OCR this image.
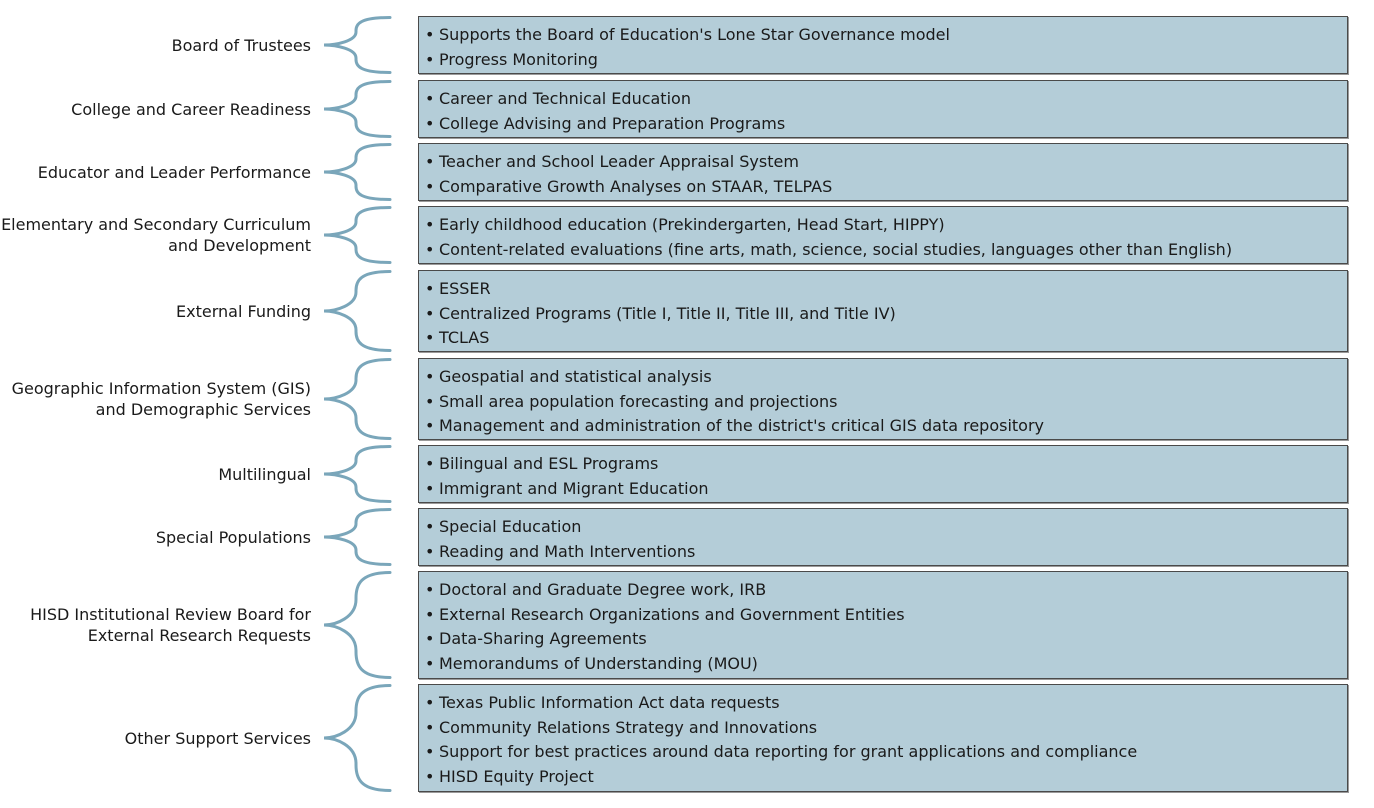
Board of Trustees
• Supports the Board of Education's Lone Star Governance model
• Progress Monitoring
College and Career Readiness
• Career and Technical Education
• College Advising and Preparation Programs
Educator and Leader Performance
• Teacher and School Leader Appraisal System
• Comparative Growth Analyses on STAAR, TELPAS
Elementary and Secondary Curriculum
and Development
• Early childhood education (Prekindergarten, Head Start, HIPPY)
• Content-related evaluations (fine arts, math, science, social studies, languages other than English)
External Funding
• ESSER
• Centralized Programs (Title I, Title II, Title III, and Title IV)
• TCLAS
Geographic Information System (GIS)
and Demographic Services
• Geospatial and statistical analysis
• Small area population forecasting and projections
• Management and administration of the district's critical GIS data repository
Multilingual
• Bilingual and ESL Programs
• Immigrant and Migrant Education
Special Populations
• Special Education
• Reading and Math Interventions
HISD Institutional Review Board for
External Research Requests
• Doctoral and Graduate Degree work, IRB
• External Research Organizations and Government Entities
• Data-Sharing Agreements
• Memorandums of Understanding (MOU)
Other Support Services
• Texas Public Information Act data requests
• Community Relations Strategy and Innovations
• Support for best practices around data reporting for grant applications and compliance
• HISD Equity Project
